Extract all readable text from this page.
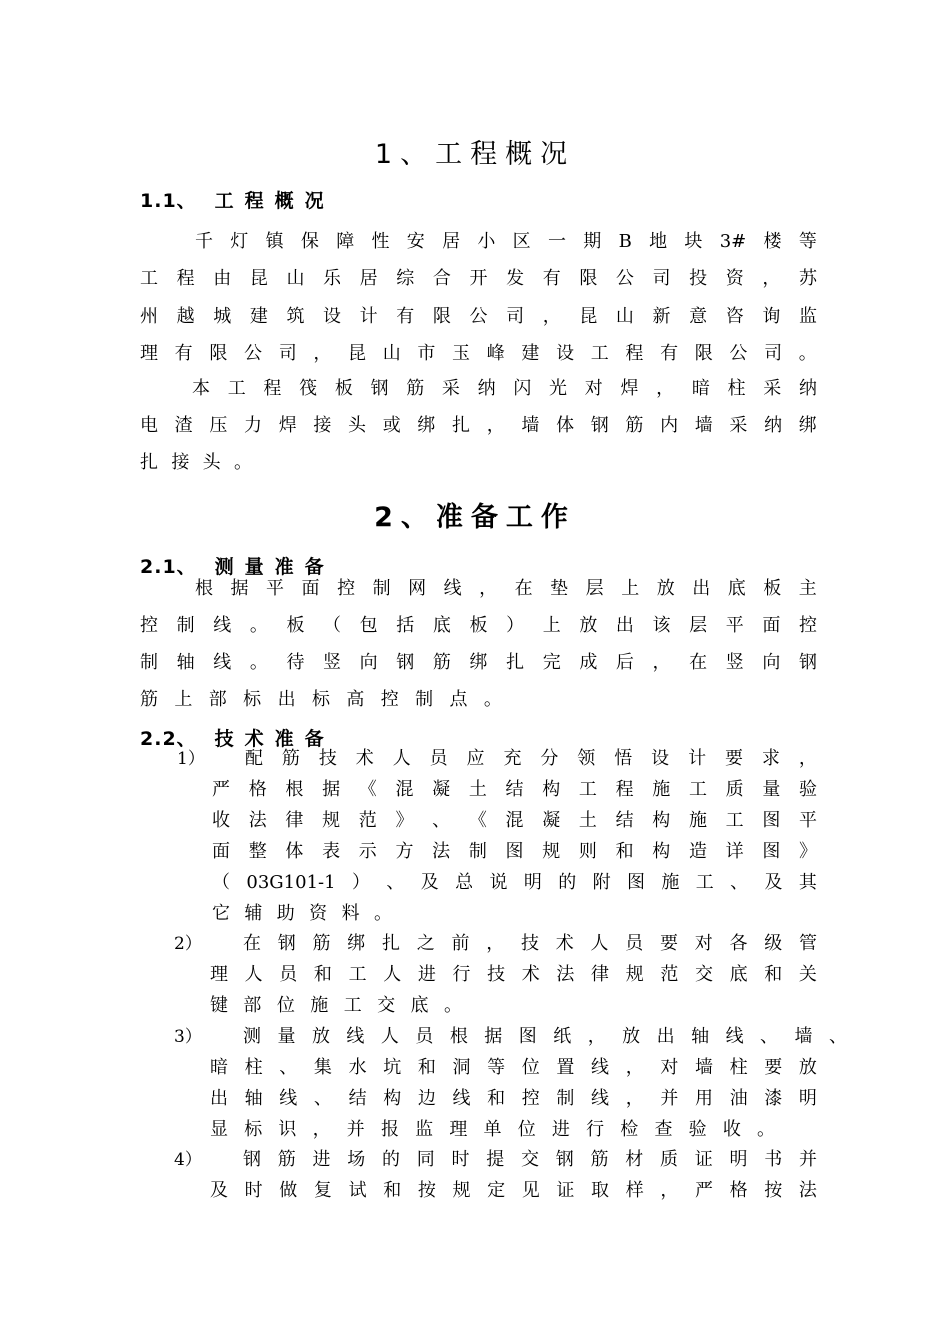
1、工程概况
1.1、 工程概况
千 灯 镇 保 障 性 安 居 小 区 一 期 B 地 块 3# 楼 等
工 程 由 昆 山 乐 居 综 合 开 发 有 限 公 司 投 资 ， 苏
州 越 城 建 筑 设 计 有 限 公 司 ， 昆 山 新 意 咨 询 监
理 有 限 公 司 ， 昆 山 市 玉 峰 建 设 工 程 有 限 公 司 。
本 工 程 筏 板 钢 筋 采 纳 闪 光 对 焊 ， 暗 柱 采 纳
电 渣 压 力 焊 接 头 或 绑 扎 ， 墙 体 钢 筋 内 墙 采 纳 绑
扎 接 头 。
2、准备工作
2.1、 测量准备
根 据 平 面 控 制 网 线 ， 在 垫 层 上 放 出 底 板 主
控 制 线 。 板 （ 包 括 底 板 ） 上 放 出 该 层 平 面 控
制 轴 线 。 待 竖 向 钢 筋 绑 扎 完 成 后 ， 在 竖 向 钢
筋 上 部 标 出 标 高 控 制 点 。
2.2、 技术准备
1） 配 筋 技 术 人 员 应 充 分 领 悟 设 计 要 求 ，
严 格 根 据 《 混 凝 土 结 构 工 程 施 工 质 量 验
收 法 律 规 范 》 、 《 混 凝 土 结 构 施 工 图 平
面 整 体 表 示 方 法 制 图 规 则 和 构 造 详 图 》
（ 03G101-1 ） 、 及 总 说 明 的 附 图 施 工 、 及 其
它 辅 助 资 料 。
2） 在 钢 筋 绑 扎 之 前 ， 技 术 人 员 要 对 各 级 管
理 人 员 和 工 人 进 行 技 术 法 律 规 范 交 底 和 关
键 部 位 施 工 交 底 。
3） 测 量 放 线 人 员 根 据 图 纸 ， 放 出 轴 线 、 墙 、
暗 柱 、 集 水 坑 和 洞 等 位 置 线 ， 对 墙 柱 要 放
出 轴 线 、 结 构 边 线 和 控 制 线 ， 并 用 油 漆 明
显 标 识 ， 并 报 监 理 单 位 进 行 检 查 验 收 。
4） 钢 筋 进 场 的 同 时 提 交 钢 筋 材 质 证 明 书 并
及 时 做 复 试 和 按 规 定 见 证 取 样 ， 严 格 按 法
